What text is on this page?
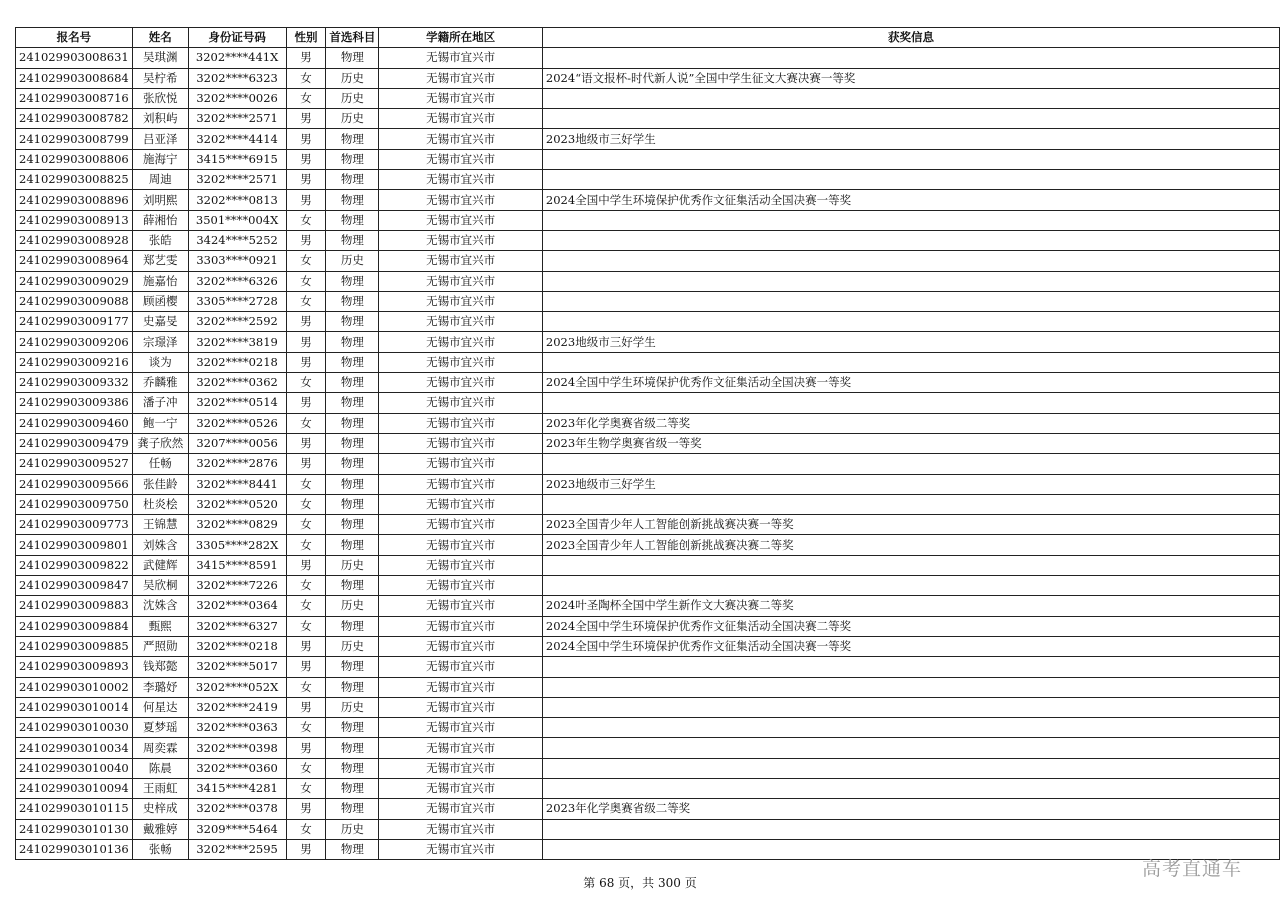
报名号	姓名	身份证号码	性别	首选科目	学籍所在地区	获奖信息
241029903008631	吴琪渊	3202****441X	男	物理	无锡市宜兴市	
241029903008684	吴柠希	3202****6323	女	历史	无锡市宜兴市	2024“语文报杯-时代新人说”全国中学生征文大赛决赛一等奖
241029903008716	张欣悦	3202****0026	女	历史	无锡市宜兴市	
241029903008782	刘积屿	3202****2571	男	历史	无锡市宜兴市	
241029903008799	吕亚泽	3202****4414	男	物理	无锡市宜兴市	2023地级市三好学生
241029903008806	施海宁	3415****6915	男	物理	无锡市宜兴市	
241029903008825	周迪	3202****2571	男	物理	无锡市宜兴市	
241029903008896	刘明熙	3202****0813	男	物理	无锡市宜兴市	2024全国中学生环境保护优秀作文征集活动全国决赛一等奖
241029903008913	薛湘怡	3501****004X	女	物理	无锡市宜兴市	
241029903008928	张皓	3424****5252	男	物理	无锡市宜兴市	
241029903008964	郑艺雯	3303****0921	女	历史	无锡市宜兴市	
241029903009029	施嘉怡	3202****6326	女	物理	无锡市宜兴市	
241029903009088	顾函樱	3305****2728	女	物理	无锡市宜兴市	
241029903009177	史嘉旻	3202****2592	男	物理	无锡市宜兴市	
241029903009206	宗璟泽	3202****3819	男	物理	无锡市宜兴市	2023地级市三好学生
241029903009216	谈为	3202****0218	男	物理	无锡市宜兴市	
241029903009332	乔麟雅	3202****0362	女	物理	无锡市宜兴市	2024全国中学生环境保护优秀作文征集活动全国决赛一等奖
241029903009386	潘子冲	3202****0514	男	物理	无锡市宜兴市	
241029903009460	鲍一宁	3202****0526	女	物理	无锡市宜兴市	2023年化学奥赛省级二等奖
241029903009479	龚子欣然	3207****0056	男	物理	无锡市宜兴市	2023年生物学奥赛省级一等奖
241029903009527	任畅	3202****2876	男	物理	无锡市宜兴市	
241029903009566	张佳龄	3202****8441	女	物理	无锡市宜兴市	2023地级市三好学生
241029903009750	杜炎桧	3202****0520	女	物理	无锡市宜兴市	
241029903009773	王锦慧	3202****0829	女	物理	无锡市宜兴市	2023全国青少年人工智能创新挑战赛决赛一等奖
241029903009801	刘姝含	3305****282X	女	物理	无锡市宜兴市	2023全国青少年人工智能创新挑战赛决赛二等奖
241029903009822	武健辉	3415****8591	男	历史	无锡市宜兴市	
241029903009847	吴欣桐	3202****7226	女	物理	无锡市宜兴市	
241029903009883	沈姝含	3202****0364	女	历史	无锡市宜兴市	2024叶圣陶杯全国中学生新作文大赛决赛二等奖
241029903009884	甄熙	3202****6327	女	物理	无锡市宜兴市	2024全国中学生环境保护优秀作文征集活动全国决赛二等奖
241029903009885	严照勋	3202****0218	男	历史	无锡市宜兴市	2024全国中学生环境保护优秀作文征集活动全国决赛一等奖
241029903009893	钱郑懿	3202****5017	男	物理	无锡市宜兴市	
241029903010002	李璐妤	3202****052X	女	物理	无锡市宜兴市	
241029903010014	何星达	3202****2419	男	历史	无锡市宜兴市	
241029903010030	夏梦瑶	3202****0363	女	物理	无锡市宜兴市	
241029903010034	周奕霖	3202****0398	男	物理	无锡市宜兴市	
241029903010040	陈晨	3202****0360	女	物理	无锡市宜兴市	
241029903010094	王雨虹	3415****4281	女	物理	无锡市宜兴市	
241029903010115	史梓成	3202****0378	男	物理	无锡市宜兴市	2023年化学奥赛省级二等奖
241029903010130	戴雅婷	3209****5464	女	历史	无锡市宜兴市	
241029903010136	张畅	3202****2595	男	物理	无锡市宜兴市	
第 68 页，共 300 页
高考直通车
